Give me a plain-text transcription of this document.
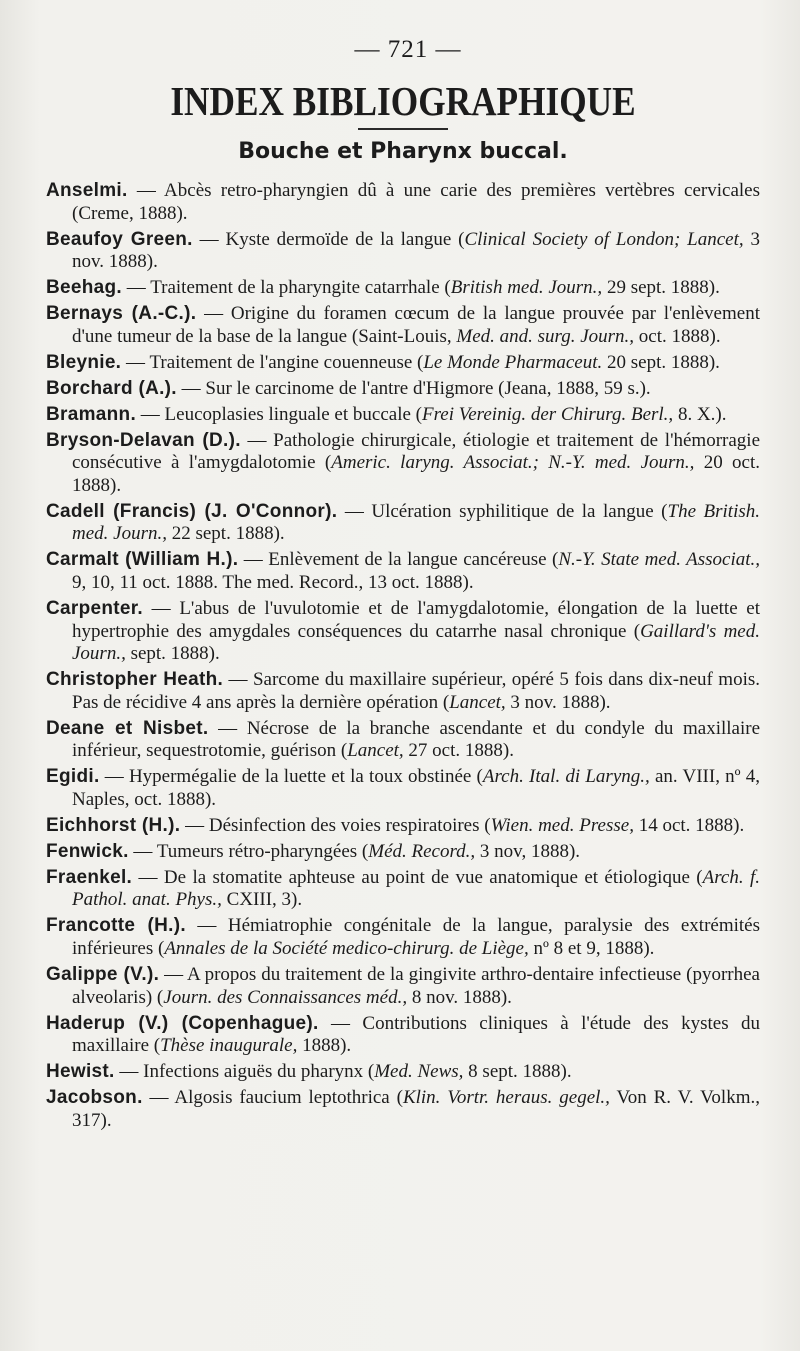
— 721 —
INDEX BIBLIOGRAPHIQUE
Bouche et Pharynx buccal.

Anselmi. — Abcès retro-pharyngien dû à une carie des premières vertèbres cervicales (Creme, 1888).

Beaufoy Green. — Kyste dermoïde de la langue (Clinical Society of London; Lancet, 3 nov. 1888).

Beehag. — Traitement de la pharyngite catarrhale (British med. Journ., 29 sept. 1888).

Bernays (A.-C.). — Origine du foramen cœcum de la langue prouvée par l'enlèvement d'une tumeur de la base de la langue (Saint-Louis, Med. and. surg. Journ., oct. 1888).

Bleynie. — Traitement de l'angine couenneuse (Le Monde Pharmaceut. 20 sept. 1888).

Borchard (A.). — Sur le carcinome de l'antre d'Higmore (Jeana, 1888, 59 s.).

Bramann. — Leucoplasies linguale et buccale (Frei Vereinig. der Chirurg. Berl., 8. X.).

Bryson-Delavan (D.). — Pathologie chirurgicale, étiologie et traitement de l'hémorragie consécutive à l'amygdalotomie (Americ. laryng. Associat.; N.-Y. med. Journ., 20 oct. 1888).

Cadell (Francis) (J. O'Connor). — Ulcération syphilitique de la langue (The British. med. Journ., 22 sept. 1888).

Carmalt (William H.). — Enlèvement de la langue cancéreuse (N.-Y. State med. Associat., 9, 10, 11 oct. 1888. The med. Record., 13 oct. 1888).

Carpenter. — L'abus de l'uvulotomie et de l'amygdalotomie, élongation de la luette et hypertrophie des amygdales conséquences du catarrhe nasal chronique (Gaillard's med. Journ., sept. 1888).

Christopher Heath. — Sarcome du maxillaire supérieur, opéré 5 fois dans dix-neuf mois. Pas de récidive 4 ans après la dernière opération (Lancet, 3 nov. 1888).

Deane et Nisbet. — Nécrose de la branche ascendante et du condyle du maxillaire inférieur, sequestrotomie, guérison (Lancet, 27 oct. 1888).

Egidi. — Hypermégalie de la luette et la toux obstinée (Arch. Ital. di Laryng., an. VIII, nº 4, Naples, oct. 1888).

Eichhorst (H.). — Désinfection des voies respiratoires (Wien. med. Presse, 14 oct. 1888).

Fenwick. — Tumeurs rétro-pharyngées (Méd. Record., 3 nov, 1888).

Fraenkel. — De la stomatite aphteuse au point de vue anatomique et étiologique (Arch. f. Pathol. anat. Phys., CXIII, 3).

Francotte (H.). — Hémiatrophie congénitale de la langue, paralysie des extrémités inférieures (Annales de la Société medico-chirurg. de Liège, nº 8 et 9, 1888).

Galippe (V.). — A propos du traitement de la gingivite arthro-dentaire infectieuse (pyorrhea alveolaris) (Journ. des Connaissances méd., 8 nov. 1888).

Haderup (V.) (Copenhague). — Contributions cliniques à l'étude des kystes du maxillaire (Thèse inaugurale, 1888).

Hewist. — Infections aiguës du pharynx (Med. News, 8 sept. 1888).

Jacobson. — Algosis faucium leptothrica (Klin. Vortr. heraus. gegel., Von R. V. Volkm., 317).
